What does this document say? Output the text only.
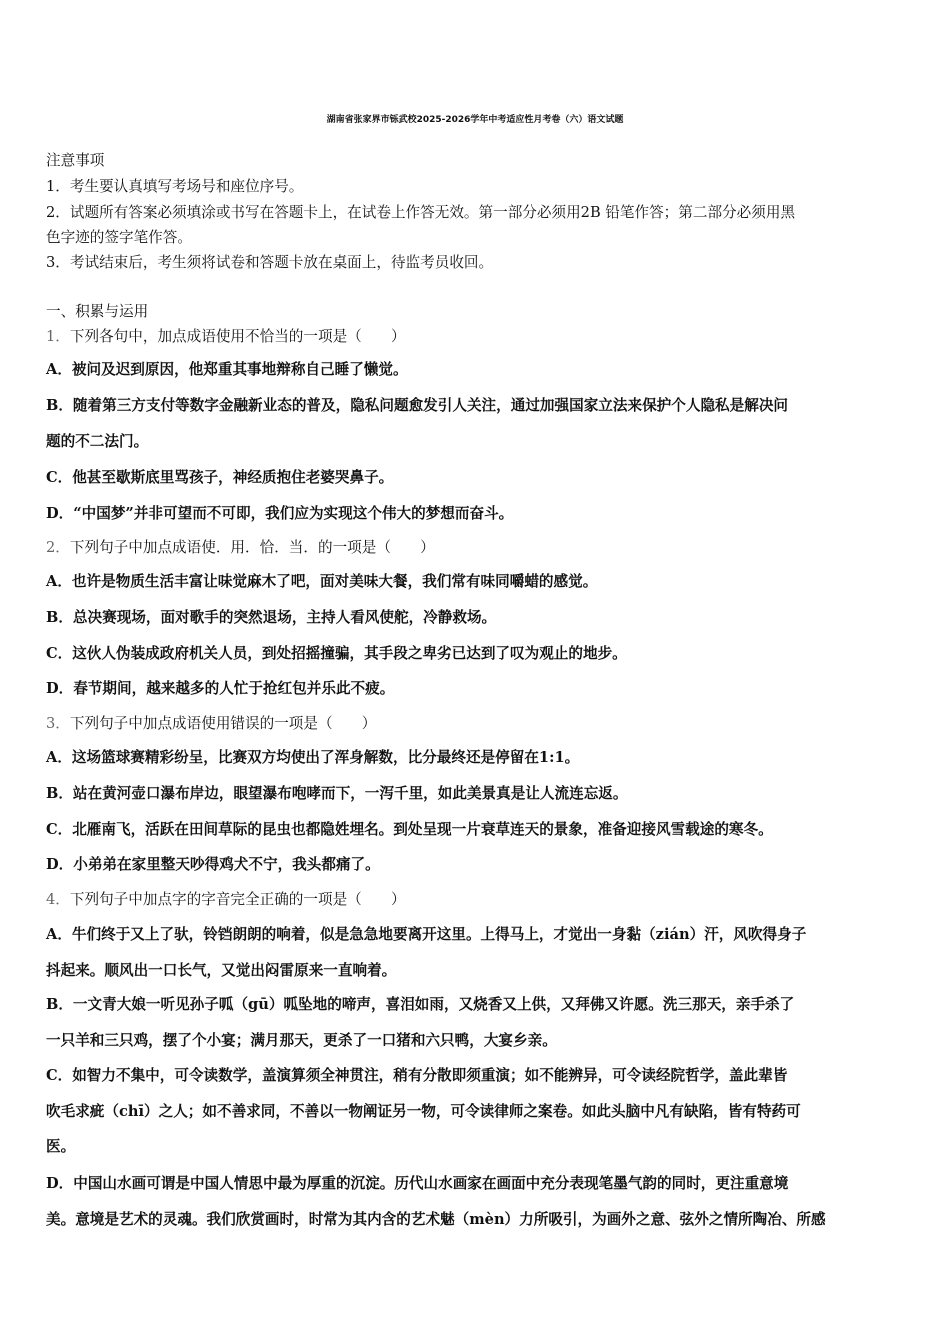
湖南省张家界市铄武校2025-2026学年中考适应性月考卷（六）语文试题
注意事项
1．考生要认真填写考场号和座位序号。
2．试题所有答案必须填涂或书写在答题卡上，在试卷上作答无效。第一部分必须用2B 铅笔作答；第二部分必须用黑
色字迹的签字笔作答。
3．考试结束后，考生须将试卷和答题卡放在桌面上，待监考员收回。
一、积累与运用
1．下列各句中，加点成语使用不恰当的一项是（　　）
A．被问及迟到原因，他郑重其事地辩称自己睡了懒觉。
B．随着第三方支付等数字金融新业态的普及，隐私问题愈发引人关注，通过加强国家立法来保护个人隐私是解决问
题的不二法门。
C．他甚至歇斯底里骂孩子，神经质抱住老婆哭鼻子。
D．“中国梦”并非可望而不可即，我们应为实现这个伟大的梦想而奋斗。
2．下列句子中加点成语使．用．恰．当．的一项是（　　）
A．也许是物质生活丰富让味觉麻木了吧，面对美味大餐，我们常有味同嚼蜡的感觉。
B．总决赛现场，面对歌手的突然退场，主持人看风使舵，冷静救场。
C．这伙人伪装成政府机关人员，到处招摇撞骗，其手段之卑劣已达到了叹为观止的地步。
D．春节期间，越来越多的人忙于抢红包并乐此不疲。
3．下列句子中加点成语使用错误的一项是（　　）
A．这场篮球赛精彩纷呈，比赛双方均使出了浑身解数，比分最终还是停留在1:1。
B．站在黄河壶口瀑布岸边，眼望瀑布咆哮而下，一泻千里，如此美景真是让人流连忘返。
C．北雁南飞，活跃在田间草际的昆虫也都隐姓埋名。到处呈现一片衰草连天的景象，准备迎接风雪载途的寒冬。
D．小弟弟在家里整天吵得鸡犬不宁，我头都痛了。
4．下列句子中加点字的字音完全正确的一项是（　　）
A．牛们终于又上了驮，铃铛朗朗的响着，似是急急地要离开这里。上得马上，才觉出一身黏（zián）汗，风吹得身子
抖起来。顺风出一口长气，又觉出闷雷原来一直响着。
B．一文青大娘一听见孙子呱（gū）呱坠地的啼声，喜泪如雨，又烧香又上供，又拜佛又许愿。洗三那天，亲手杀了
一只羊和三只鸡，摆了个小宴；满月那天，更杀了一口猪和六只鸭，大宴乡亲。
C．如智力不集中，可令读数学，盖演算须全神贯注，稍有分散即须重演；如不能辨异，可令读经院哲学，盖此辈皆
吹毛求疵（chī）之人；如不善求同，不善以一物阐证另一物，可令读律师之案卷。如此头脑中凡有缺陷，皆有特药可
医。
D．中国山水画可谓是中国人情思中最为厚重的沉淀。历代山水画家在画面中充分表现笔墨气韵的同时，更注重意境
美。意境是艺术的灵魂。我们欣赏画时，时常为其内含的艺术魅（mèn）力所吸引，为画外之意、弦外之情所陶冶、所感
